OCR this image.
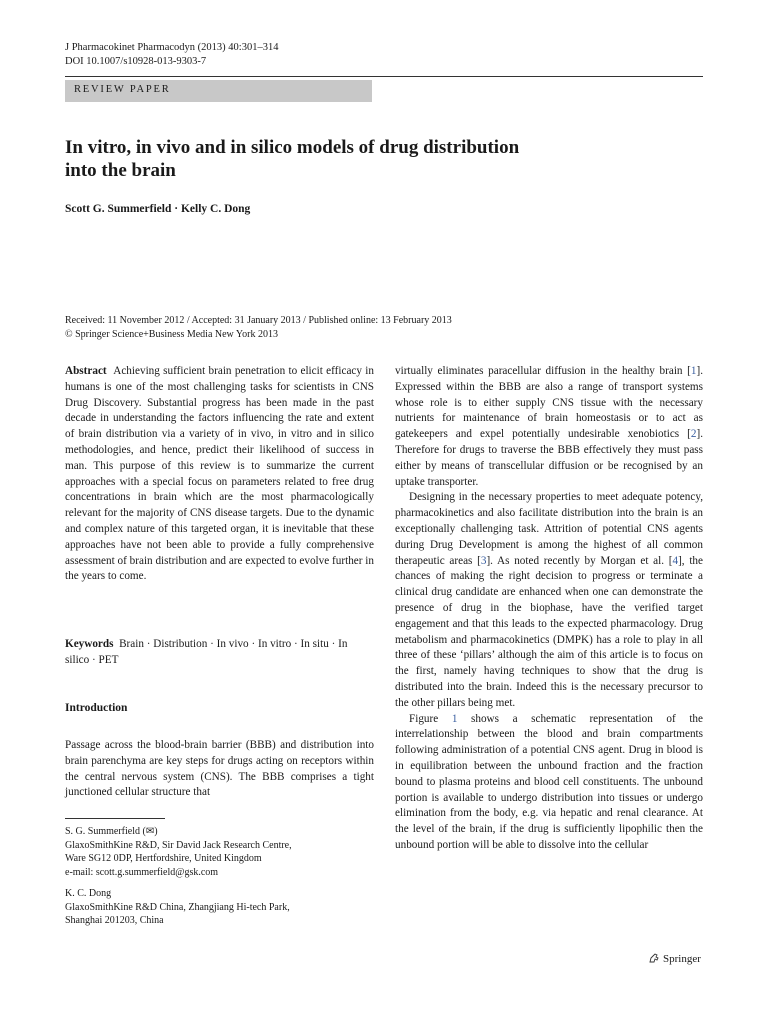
J Pharmacokinet Pharmacodyn (2013) 40:301–314
DOI 10.1007/s10928-013-9303-7
REVIEW PAPER
In vitro, in vivo and in silico models of drug distribution
into the brain
Scott G. Summerfield · Kelly C. Dong
Received: 11 November 2012 / Accepted: 31 January 2013 / Published online: 13 February 2013
© Springer Science+Business Media New York 2013

Abstract Achieving sufficient brain penetration to elicit efficacy in humans is one of the most challenging tasks for scientists in CNS Drug Discovery. Substantial progress has been made in the past decade in understanding the factors influencing the rate and extent of brain distribution via a variety of in vivo, in vitro and in silico methodologies, and hence, predict their likelihood of success in man. This purpose of this review is to summarize the current approaches with a special focus on parameters related to free drug concentrations in brain which are the most pharmacologically relevant for the majority of CNS disease targets. Due to the dynamic and complex nature of this targeted organ, it is inevitable that these approaches have not been able to provide a fully comprehensive assessment of brain distribution and are expected to evolve further in the years to come.

Keywords Brain · Distribution · In vivo · In vitro · In situ · In silico · PET

Introduction

Passage across the blood-brain barrier (BBB) and distribution into brain parenchyma are key steps for drugs acting on receptors within the central nervous system (CNS). The BBB comprises a tight junctioned cellular structure that

S. G. Summerfield (✉)
GlaxoSmithKine R&D, Sir David Jack Research Centre,
Ware SG12 0DP, Hertfordshire, United Kingdom
e-mail: scott.g.summerfield@gsk.com
K. C. Dong
GlaxoSmithKine R&D China, Zhangjiang Hi-tech Park,
Shanghai 201203, China

virtually eliminates paracellular diffusion in the healthy brain [1]. Expressed within the BBB are also a range of transport systems whose role is to either supply CNS tissue with the necessary nutrients for maintenance of brain homeostasis or to act as gatekeepers and expel potentially undesirable xenobiotics [2]. Therefore for drugs to traverse the BBB effectively they must pass either by means of transcellular diffusion or be recognised by an uptake transporter.

Designing in the necessary properties to meet adequate potency, pharmacokinetics and also facilitate distribution into the brain is an exceptionally challenging task. Attrition of potential CNS agents during Drug Development is among the highest of all common therapeutic areas [3]. As noted recently by Morgan et al. [4], the chances of making the right decision to progress or terminate a clinical drug candidate are enhanced when one can demonstrate the presence of drug in the biophase, have the verified target engagement and that this leads to the expected pharmacology. Drug metabolism and pharmacokinetics (DMPK) has a role to play in all three of these ‘pillars’ although the aim of this article is to focus on the first, namely having techniques to show that the drug is distributed into the brain. Indeed this is the necessary precursor to the other pillars being met.

Figure 1 shows a schematic representation of the interrelationship between the blood and brain compartments following administration of a potential CNS agent. Drug in blood is in equilibration between the unbound fraction and the fraction bound to plasma proteins and blood cell constituents. The unbound portion is available to undergo distribution into tissues or undergo elimination from the body, e.g. via hepatic and renal clearance. At the level of the brain, if the drug is sufficiently lipophilic then the unbound portion will be able to dissolve into the cellular

Springer
